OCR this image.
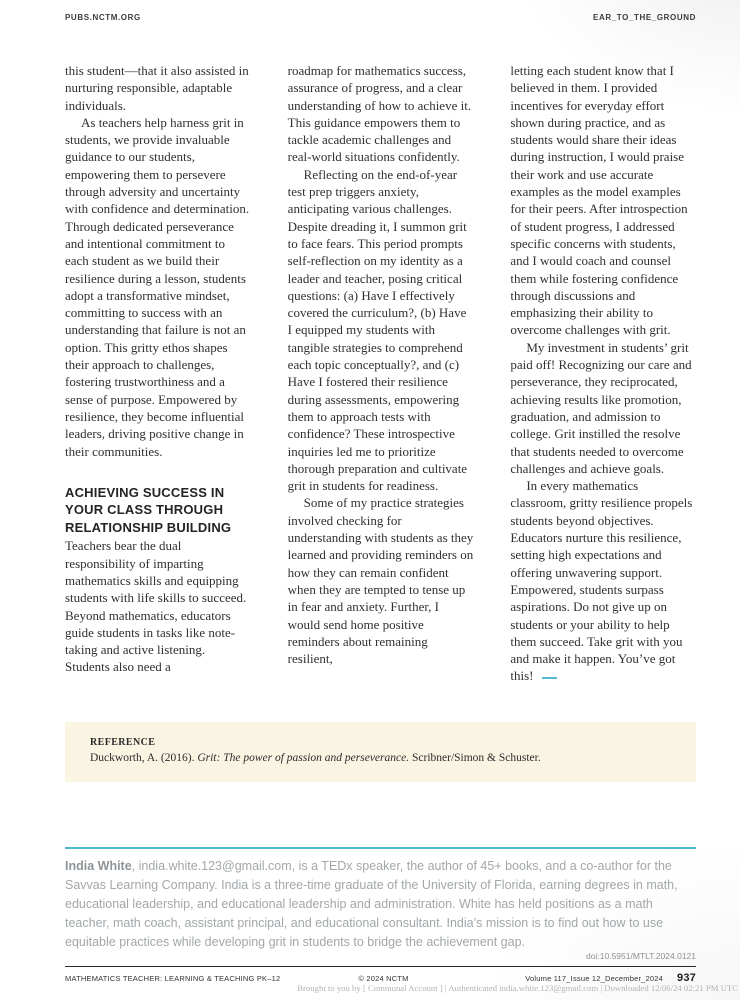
PUBS.NCTM.ORG	EAR_TO_THE_GROUND

this student—that it also assisted in nurturing responsible, adaptable individuals.

As teachers help harness grit in students, we provide invaluable guidance to our students, empowering them to persevere through adversity and uncertainty with confidence and determination. Through dedicated perseverance and intentional commitment to each student as we build their resilience during a lesson, students adopt a transformative mindset, committing to success with an understanding that failure is not an option. This gritty ethos shapes their approach to challenges, fostering trustworthiness and a sense of purpose. Empowered by resilience, they become influential leaders, driving positive change in their communities.

ACHIEVING SUCCESS IN YOUR CLASS THROUGH RELATIONSHIP BUILDING

Teachers bear the dual responsibility of imparting mathematics skills and equipping students with life skills to succeed. Beyond mathematics, educators guide students in tasks like note-taking and active listening. Students also need a

roadmap for mathematics success, assurance of progress, and a clear understanding of how to achieve it. This guidance empowers them to tackle academic challenges and real-world situations confidently.

Reflecting on the end-of-year test prep triggers anxiety, anticipating various challenges. Despite dreading it, I summon grit to face fears. This period prompts self-reflection on my identity as a leader and teacher, posing critical questions: (a) Have I effectively covered the curriculum?, (b) Have I equipped my students with tangible strategies to comprehend each topic conceptually?, and (c) Have I fostered their resilience during assessments, empowering them to approach tests with confidence? These introspective inquiries led me to prioritize thorough preparation and cultivate grit in students for readiness.

Some of my practice strategies involved checking for understanding with students as they learned and providing reminders on how they can remain confident when they are tempted to tense up in fear and anxiety. Further, I would send home positive reminders about remaining resilient,

letting each student know that I believed in them. I provided incentives for everyday effort shown during practice, and as students would share their ideas during instruction, I would praise their work and use accurate examples as the model examples for their peers. After introspection of student progress, I addressed specific concerns with students, and I would coach and counsel them while fostering confidence through discussions and emphasizing their ability to overcome challenges with grit.

My investment in students’ grit paid off! Recognizing our care and perseverance, they reciprocated, achieving results like promotion, graduation, and admission to college. Grit instilled the resolve that students needed to overcome challenges and achieve goals.

In every mathematics classroom, gritty resilience propels students beyond objectives. Educators nurture this resilience, setting high expectations and offering unwavering support. Empowered, students surpass aspirations. Do not give up on students or your ability to help them succeed. Take grit with you and make it happen. You’ve got this!

REFERENCE

Duckworth, A. (2016). Grit: The power of passion and perseverance. Scribner/Simon & Schuster.

India White, india.white.123@gmail.com, is a TEDx speaker, the author of 45+ books, and a co-author for the Savvas Learning Company. India is a three-time graduate of the University of Florida, earning degrees in math, educational leadership, and educational leadership and administration. White has held positions as a math teacher, math coach, assistant principal, and educational consultant. India’s mission is to find out how to use equitable practices while developing grit in students to bridge the achievement gap.
doi:10.5951/MTLT.2024.0121
MATHEMATICS TEACHER: LEARNING & TEACHING PK–12	© 2024 NCTM	Volume 117_Issue 12_December_2024 937
Brought to you by [ Communal Account ] | Authenticated india.white.123@gmail.com | Downloaded 12/06/24 02:21 PM UTC
